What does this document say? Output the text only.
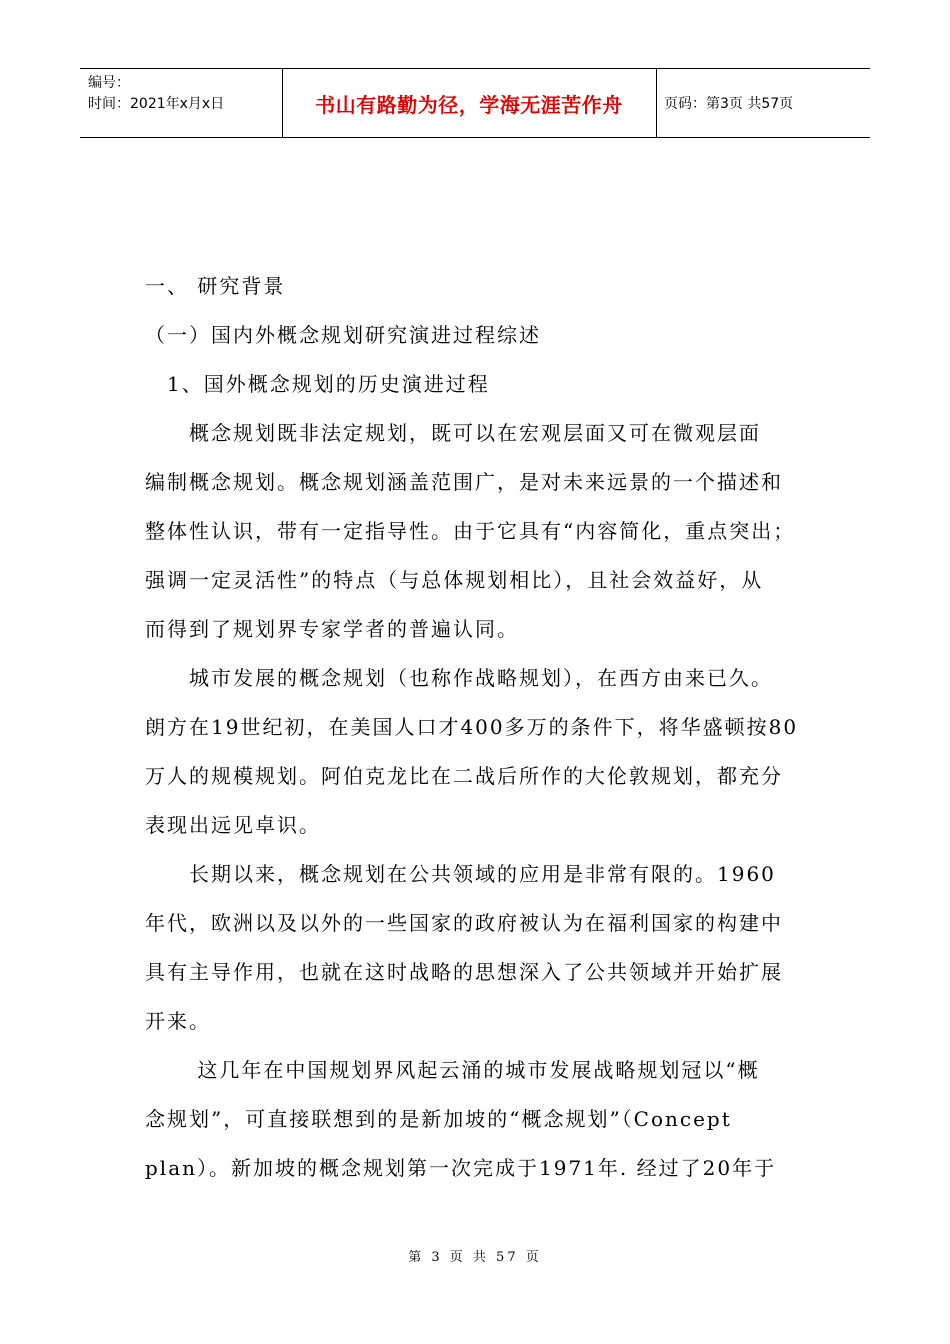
编号：
时间：2021年x月x日	书山有路勤为径，学海无涯苦作舟	页码：第3页 共57页
一、 研究背景
（一）国内外概念规划研究演进过程综述
　1、国外概念规划的历史演进过程
　　概念规划既非法定规划，既可以在宏观层面又可在微观层面
编制概念规划。概念规划涵盖范围广，是对未来远景的一个描述和
整体性认识，带有一定指导性。由于它具有“内容简化，重点突出；
强调一定灵活性”的特点（与总体规划相比），且社会效益好，从
而得到了规划界专家学者的普遍认同。
　　城市发展的概念规划（也称作战略规划），在西方由来已久。
朗方在19世纪初，在美国人口才400多万的条件下，将华盛顿按80
万人的规模规划。阿伯克龙比在二战后所作的大伦敦规划，都充分
表现出远见卓识。
　　长期以来，概念规划在公共领域的应用是非常有限的。1960
年代，欧洲以及以外的一些国家的政府被认为在福利国家的构建中
具有主导作用，也就在这时战略的思想深入了公共领域并开始扩展
开来。
　　 这几年在中国规划界风起云涌的城市发展战略规划冠以“概
念规划”，可直接联想到的是新加坡的“概念规划”（Concept
plan）。新加坡的概念规划第一次完成于1971年. 经过了20年于
第 3 页 共 57 页
